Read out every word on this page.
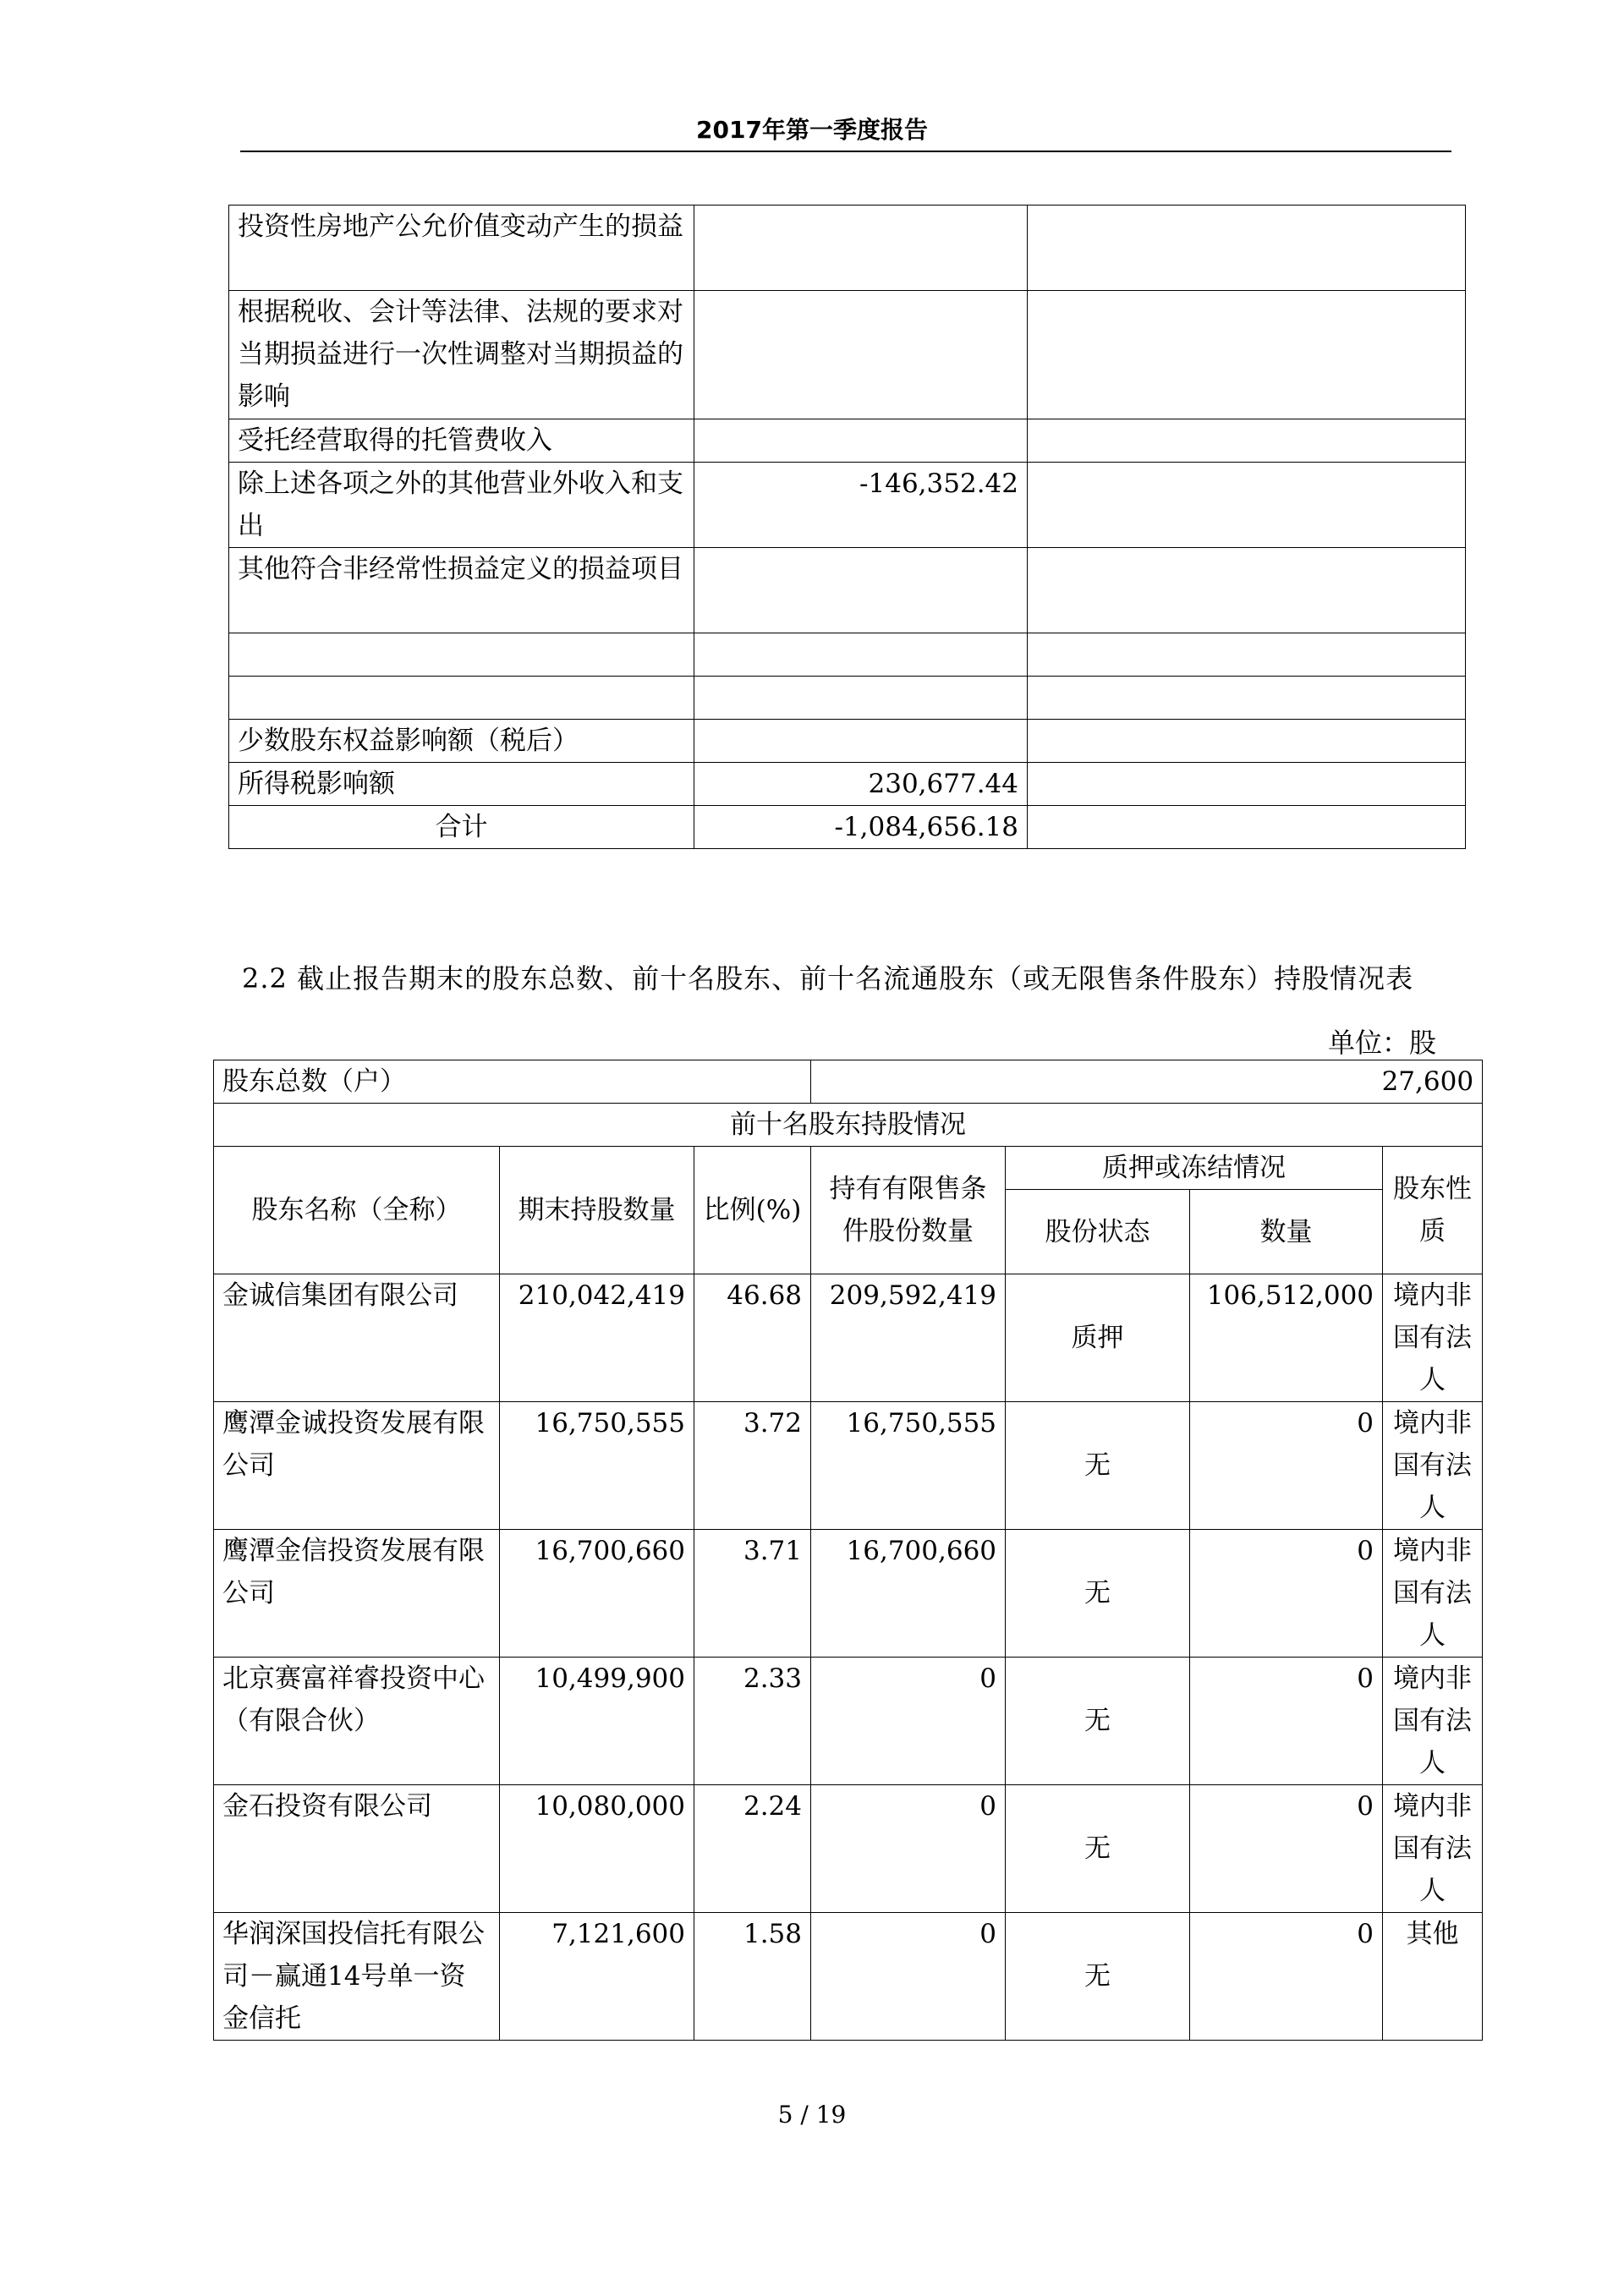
2017年第一季度报告
投资性房地产公允价值变动产生的损益		
根据税收、会计等法律、法规的要求对当期损益进行一次性调整对当期损益的影响		
受托经营取得的托管费收入		
除上述各项之外的其他营业外收入和支出	-146,352.42	
其他符合非经常性损益定义的损益项目		

少数股东权益影响额（税后）		
所得税影响额	230,677.44	
合计	-1,084,656.18	
2.2 截止报告期末的股东总数、前十名股东、前十名流通股东（或无限售条件股东）持股情况表
单位：股
股东总数（户）			27,600			
前十名股东持股情况						
股东名称（全称）	期末持股数量	比例(%)	持有有限售条件股份数量	质押或冻结情况		股东性质
				股份状态	数量	
金诚信集团有限公司	210,042,419	46.68	209,592,419	质押	106,512,000	境内非国有法人
鹰潭金诚投资发展有限公司	16,750,555	3.72	16,750,555	无	0	境内非国有法人
鹰潭金信投资发展有限公司	16,700,660	3.71	16,700,660	无	0	境内非国有法人
北京赛富祥睿投资中心（有限合伙）	10,499,900	2.33	0	无	0	境内非国有法人
金石投资有限公司	10,080,000	2.24	0	无	0	境内非国有法人
华润深国投信托有限公司－赢通14号单一资金信托	7,121,600	1.58	0	无	0	其他
5 / 19
